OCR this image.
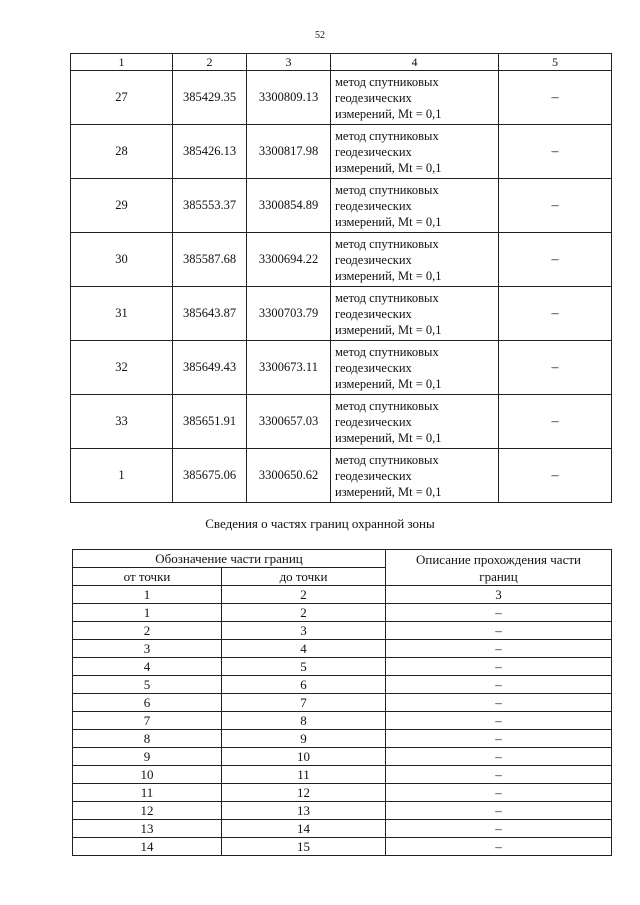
52
1	2	3	4	5
27	385429.35	3300809.13	метод спутниковых
геодезических
измерений, Mt = 0,1	–
28	385426.13	3300817.98	метод спутниковых
геодезических
измерений, Mt = 0,1	–
29	385553.37	3300854.89	метод спутниковых
геодезических
измерений, Mt = 0,1	–
30	385587.68	3300694.22	метод спутниковых
геодезических
измерений, Mt = 0,1	–
31	385643.87	3300703.79	метод спутниковых
геодезических
измерений, Mt = 0,1	–
32	385649.43	3300673.11	метод спутниковых
геодезических
измерений, Mt = 0,1	–
33	385651.91	3300657.03	метод спутниковых
геодезических
измерений, Mt = 0,1	–
1	385675.06	3300650.62	метод спутниковых
геодезических
измерений, Mt = 0,1	–
Сведения о частях границ охранной зоны
Обозначение части границ		Описание прохождения части
границ

от точки	до точки	
1	2	3
1	2	–
2	3	–
3	4	–
4	5	–
5	6	–
6	7	–
7	8	–
8	9	–
9	10	–
10	11	–
11	12	–
12	13	–
13	14	–
14	15	–
